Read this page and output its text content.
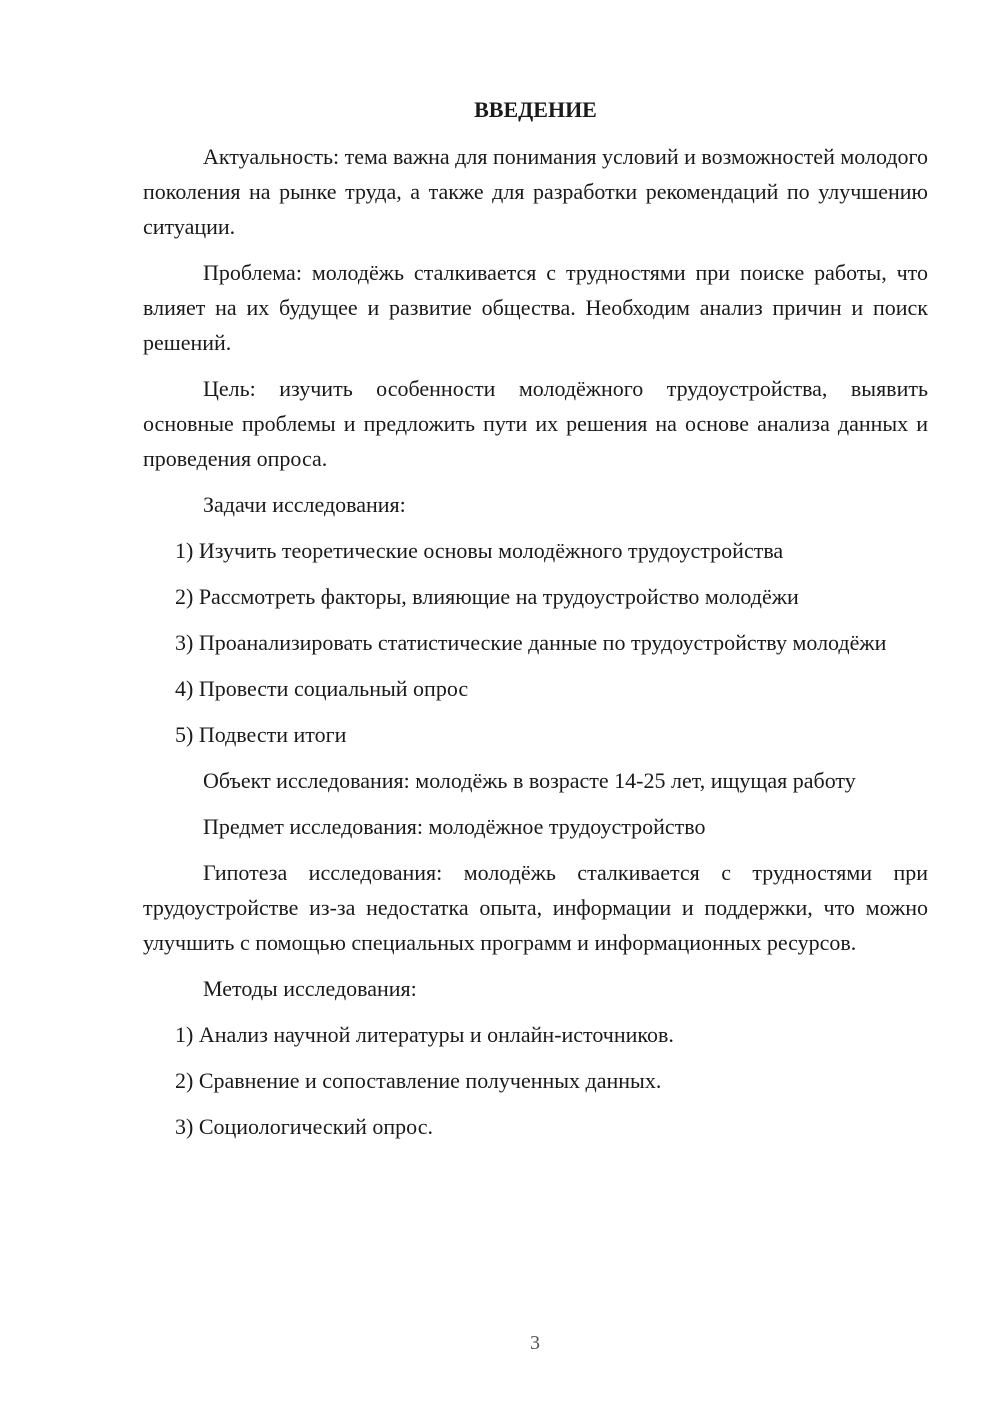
ВВЕДЕНИЕ

Актуальность: тема важна для понимания условий и возможностей молодого поколения на рынке труда, а также для разработки рекомендаций по улучшению ситуации.

Проблема: молодёжь сталкивается с трудностями при поиске работы, что влияет на их будущее и развитие общества. Необходим анализ причин и поиск решений.

Цель: изучить особенности молодёжного трудоустройства, выявить основные проблемы и предложить пути их решения на основе анализа данных и проведения опроса.

Задачи исследования:

1) Изучить теоретические основы молодёжного трудоустройства

2) Рассмотреть факторы, влияющие на трудоустройство молодёжи

3) Проанализировать статистические данные по трудоустройству молодёжи

4) Провести социальный опрос

5) Подвести итоги

Объект исследования: молодёжь в возрасте 14-25 лет, ищущая работу

Предмет исследования: молодёжное трудоустройство

Гипотеза исследования: молодёжь сталкивается с трудностями при трудоустройстве из-за недостатка опыта, информации и поддержки, что можно улучшить с помощью специальных программ и информационных ресурсов.

Методы исследования:

1) Анализ научной литературы и онлайн-источников.

2) Сравнение и сопоставление полученных данных.

3) Социологический опрос.

3
